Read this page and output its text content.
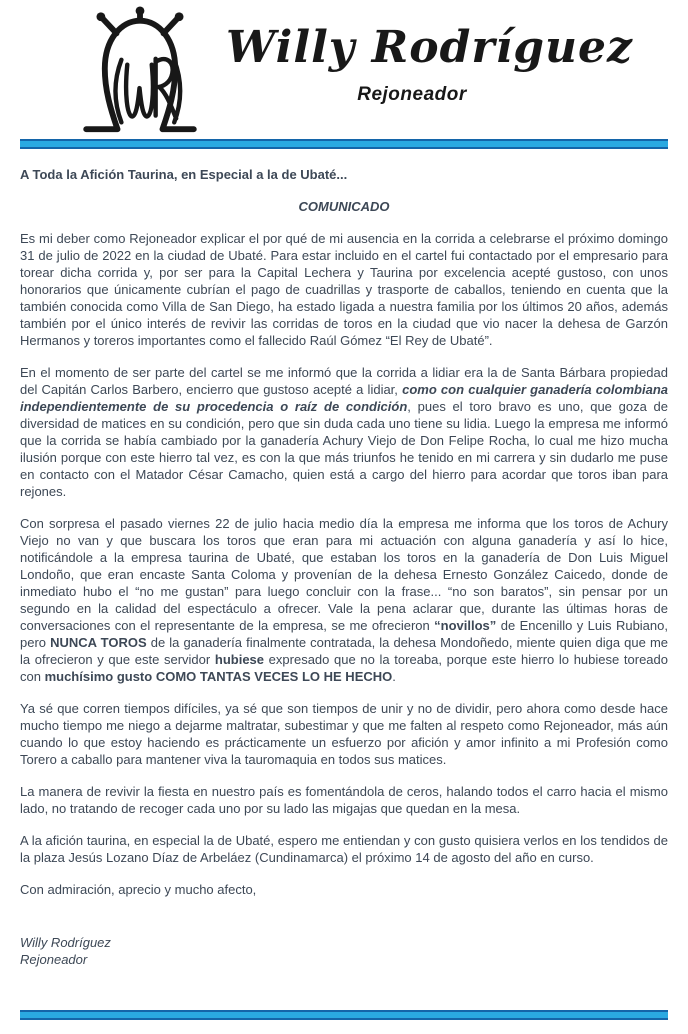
Willy Rodríguez
Rejoneador

A Toda la Afición Taurina, en Especial a la de Ubaté...

COMUNICADO

Es mi deber como Rejoneador explicar el por qué de mi ausencia en la corrida a celebrarse el próximo domingo 31 de julio de 2022 en la ciudad de Ubaté. Para estar incluido en el cartel fui contactado por el empresario para torear dicha corrida y, por ser para la Capital Lechera y Taurina por excelencia acepté gustoso, con unos honorarios que únicamente cubrían el pago de cuadrillas y trasporte de caballos, teniendo en cuenta que la también conocida como Villa de San Diego, ha estado ligada a nuestra familia por los últimos 20 años, además también por el único interés de revivir las corridas de toros en la ciudad que vio nacer la dehesa de Garzón Hermanos y toreros importantes como el fallecido Raúl Gómez “El Rey de Ubaté”.

En el momento de ser parte del cartel se me informó que la corrida a lidiar era la de Santa Bárbara propiedad del Capitán Carlos Barbero, encierro que gustoso acepté a lidiar, como con cualquier ganadería colombiana independientemente de su procedencia o raíz de condición, pues el toro bravo es uno, que goza de diversidad de matices en su condición, pero que sin duda cada uno tiene su lidia. Luego la empresa me informó que la corrida se había cambiado por la ganadería Achury Viejo de Don Felipe Rocha, lo cual me hizo mucha ilusión porque con este hierro tal vez, es con la que más triunfos he tenido en mi carrera y sin dudarlo me puse en contacto con el Matador César Camacho, quien está a cargo del hierro para acordar que toros iban para rejones.

Con sorpresa el pasado viernes 22 de julio hacia medio día la empresa me informa que los toros de Achury Viejo no van y que buscara los toros que eran para mi actuación con alguna ganadería y así lo hice, notificándole a la empresa taurina de Ubaté, que estaban los toros en la ganadería de Don Luis Miguel Londoño, que eran encaste Santa Coloma y provenían de la dehesa Ernesto González Caicedo, donde de inmediato hubo el “no me gustan” para luego concluir con la frase... “no son baratos”, sin pensar por un segundo en la calidad del espectáculo a ofrecer. Vale la pena aclarar que, durante las últimas horas de conversaciones con el representante de la empresa, se me ofrecieron “novillos” de Encenillo y Luis Rubiano, pero NUNCA TOROS de la ganadería finalmente contratada, la dehesa Mondoñedo, miente quien diga que me la ofrecieron y que este servidor hubiese expresado que no la toreaba, porque este hierro lo hubiese toreado con muchísimo gusto COMO TANTAS VECES LO HE HECHO.

Ya sé que corren tiempos difíciles, ya sé que son tiempos de unir y no de dividir, pero ahora como desde hace mucho tiempo me niego a dejarme maltratar, subestimar y que me falten al respeto como Rejoneador, más aún cuando lo que estoy haciendo es prácticamente un esfuerzo por afición y amor infinito a mi Profesión como Torero a caballo para mantener viva la tauromaquia en todos sus matices.

La manera de revivir la fiesta en nuestro país es fomentándola de ceros, halando todos el carro hacia el mismo lado, no tratando de recoger cada uno por su lado las migajas que quedan en la mesa.

A la afición taurina, en especial la de Ubaté, espero me entiendan y con gusto quisiera verlos en los tendidos de la plaza Jesús Lozano Díaz de Arbeláez (Cundinamarca) el próximo 14 de agosto del año en curso.

Con admiración, aprecio y mucho afecto,

Willy Rodríguez
Rejoneador
